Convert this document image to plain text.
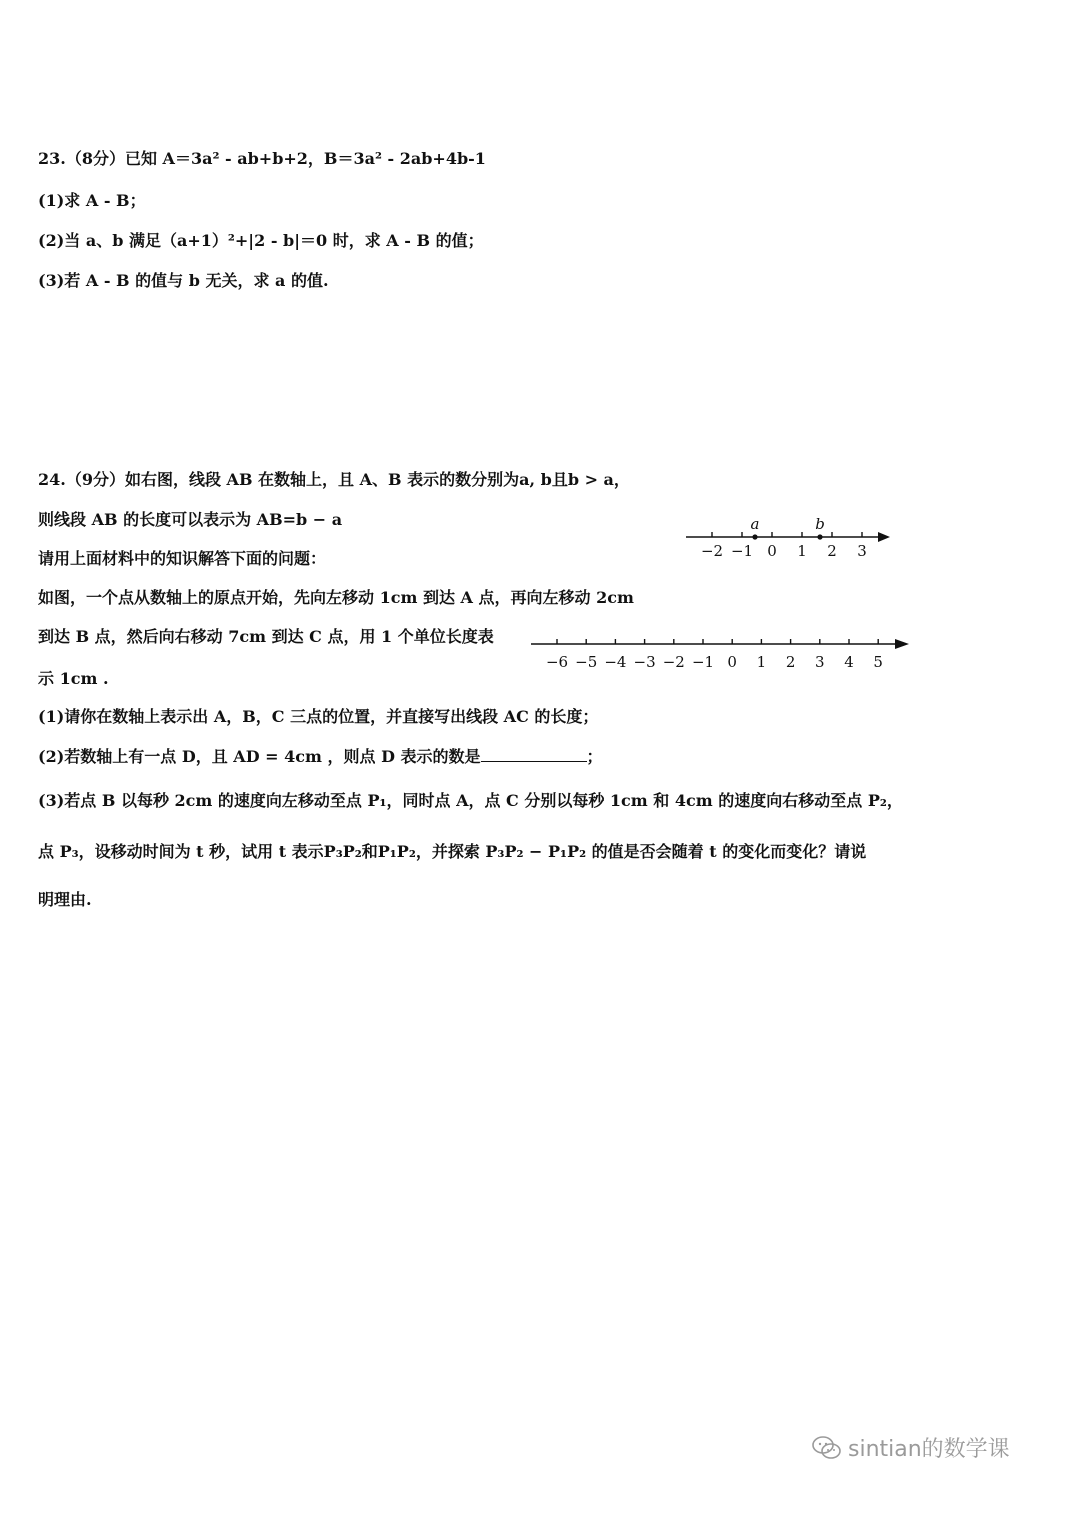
23.（8分）已知 A＝3a² - ab+b+2，B＝3a² - 2ab+4b-1
(1)求 A - B；
(2)当 a、b 满足（a+1）²+|2 - b|＝0 时，求 A - B 的值；
(3)若 A - B 的值与 b 无关，求 a 的值.
24.（9分）如右图，线段 AB 在数轴上，且 A、B 表示的数分别为a, b且b > a，
则线段 AB 的长度可以表示为 AB=b − a
请用上面材料中的知识解答下面的问题：
如图，一个点从数轴上的原点开始，先向左移动 1cm 到达 A 点，再向左移动 2cm
到达 B 点，然后向右移动 7cm 到达 C 点，用 1 个单位长度表
示 1cm .
(1)请你在数轴上表示出 A，B，C 三点的位置，并直接写出线段 AC 的长度；
(2)若数轴上有一点 D，且 AD = 4cm ，则点 D 表示的数是	；
(3)若点 B 以每秒 2cm 的速度向左移动至点 P₁，同时点 A，点 C 分别以每秒 1cm 和 4cm 的速度向右移动至点 P₂，
点 P₃，设移动时间为 t 秒，试用 t 表示P₃P₂和P₁P₂，并探索 P₃P₂ − P₁P₂ 的值是否会随着 t 的变化而变化？请说
明理由.
−2 −1 0 1 2 3
a	b
−6 −5 −4 −3 −2 −1 0 1 2 3 4 5
sintian的数学课
